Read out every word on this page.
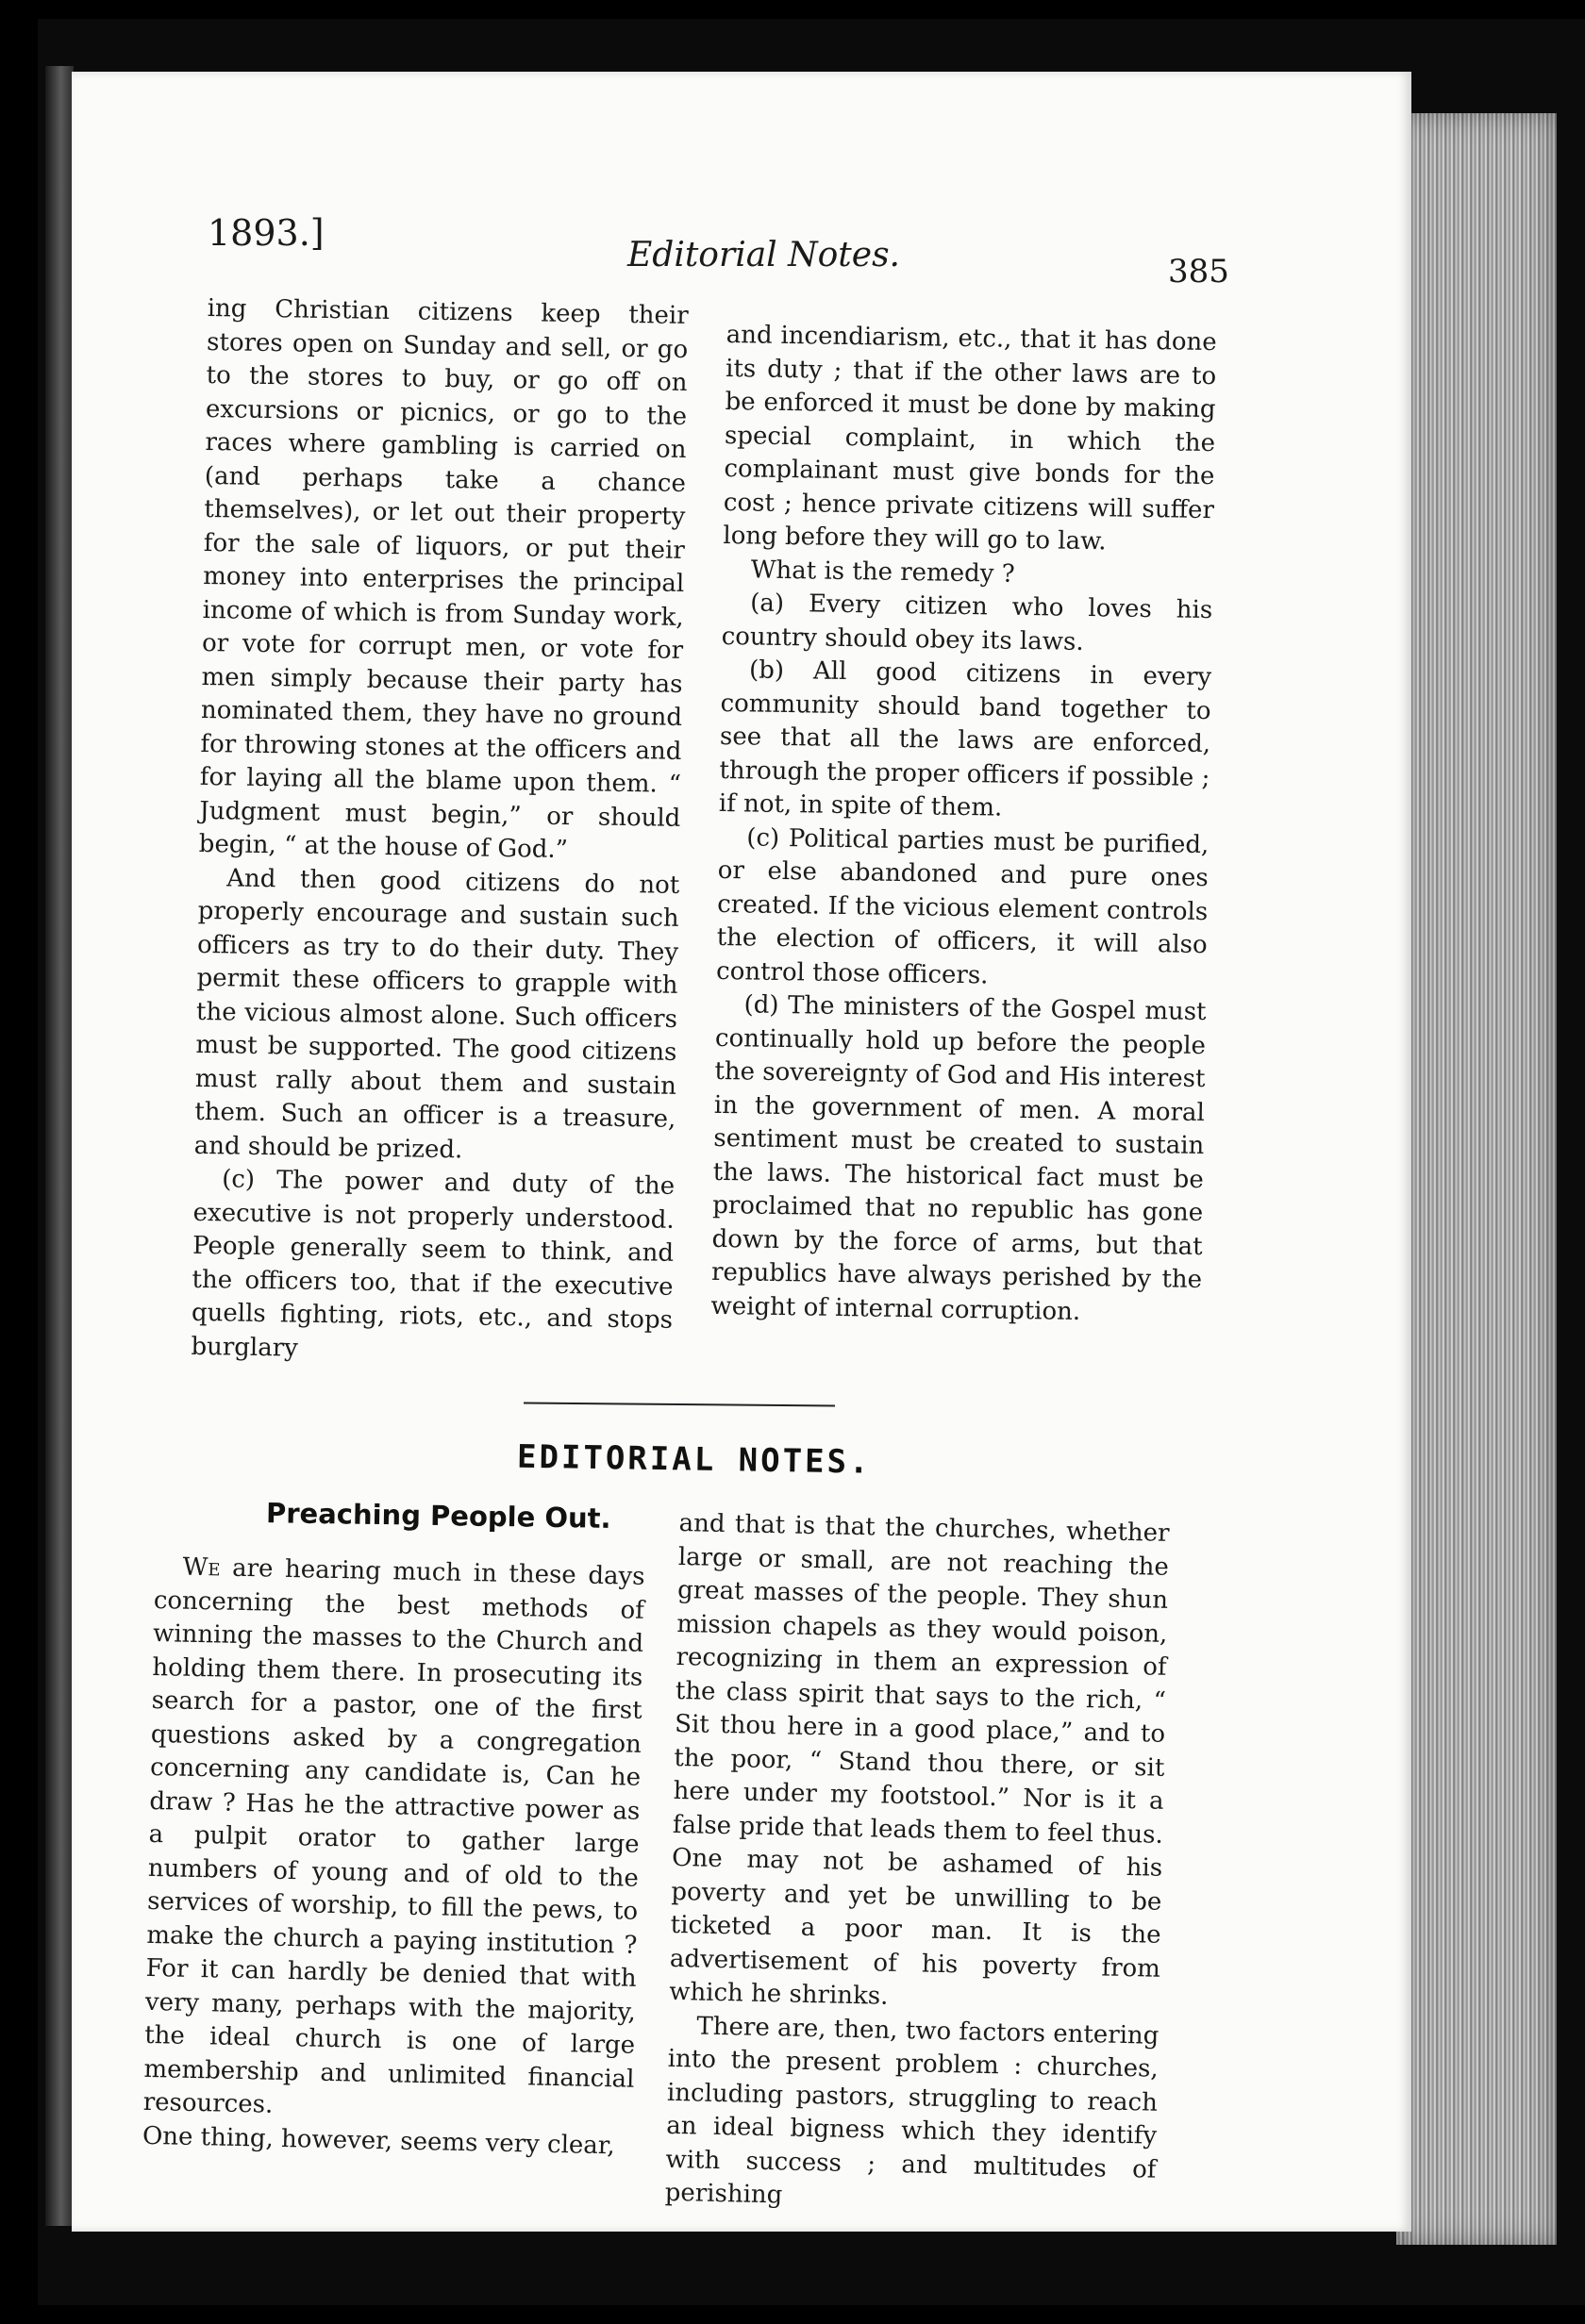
1893.]
Editorial Notes.	385

ing Christian citizens keep their stores open on Sunday and sell, or go to the stores to buy, or go off on excursions or picnics, or go to the races where gambling is carried on (and perhaps take a chance themselves), or let out their property for the sale of liquors, or put their money into enterprises the principal income of which is from Sunday work, or vote for corrupt men, or vote for men simply because their party has nominated them, they have no ground for throwing stones at the officers and for laying all the blame upon them. “ Judgment must begin,” or should begin, “ at the house of God.”

And then good citizens do not properly encourage and sustain such officers as try to do their duty. They permit these officers to grapple with the vicious almost alone. Such officers must be supported. The good citizens must rally about them and sustain them. Such an officer is a treasure, and should be prized.

(c) The power and duty of the executive is not properly understood. People generally seem to think, and the officers too, that if the executive quells fighting, riots, etc., and stops burglary

and incendiarism, etc., that it has done its duty ; that if the other laws are to be enforced it must be done by making special complaint, in which the complainant must give bonds for the cost ; hence private citizens will suffer long before they will go to law.

What is the remedy ?

(a) Every citizen who loves his country should obey its laws.

(b) All good citizens in every community should band together to see that all the laws are enforced, through the proper officers if possible ; if not, in spite of them.

(c) Political parties must be purified, or else abandoned and pure ones created. If the vicious element controls the election of officers, it will also control those officers.

(d) The ministers of the Gospel must continually hold up before the people the sovereignty of God and His interest in the government of men. A moral sentiment must be created to sustain the laws. The historical fact must be proclaimed that no republic has gone down by the force of arms, but that republics have always perished by the weight of internal corruption.

EDITORIAL NOTES.
Preaching People Out.

We are hearing much in these days concerning the best methods of winning the masses to the Church and holding them there. In prosecuting its search for a pastor, one of the first questions asked by a congregation concerning any candidate is, Can he draw ? Has he the attractive power as a pulpit orator to gather large numbers of young and of old to the services of worship, to fill the pews, to make the church a paying institution ? For it can hardly be denied that with very many, perhaps with the majority, the ideal church is one of large membership and unlimited financial resources.

One thing, however, seems very clear,

and that is that the churches, whether large or small, are not reaching the great masses of the people. They shun mission chapels as they would poison, recognizing in them an expression of the class spirit that says to the rich, “ Sit thou here in a good place,” and to the poor, “ Stand thou there, or sit here under my footstool.” Nor is it a false pride that leads them to feel thus. One may not be ashamed of his poverty and yet be unwilling to be ticketed a poor man. It is the advertisement of his poverty from which he shrinks.

There are, then, two factors entering into the present problem : churches, including pastors, struggling to reach an ideal bigness which they identify with success ; and multitudes of perishing
